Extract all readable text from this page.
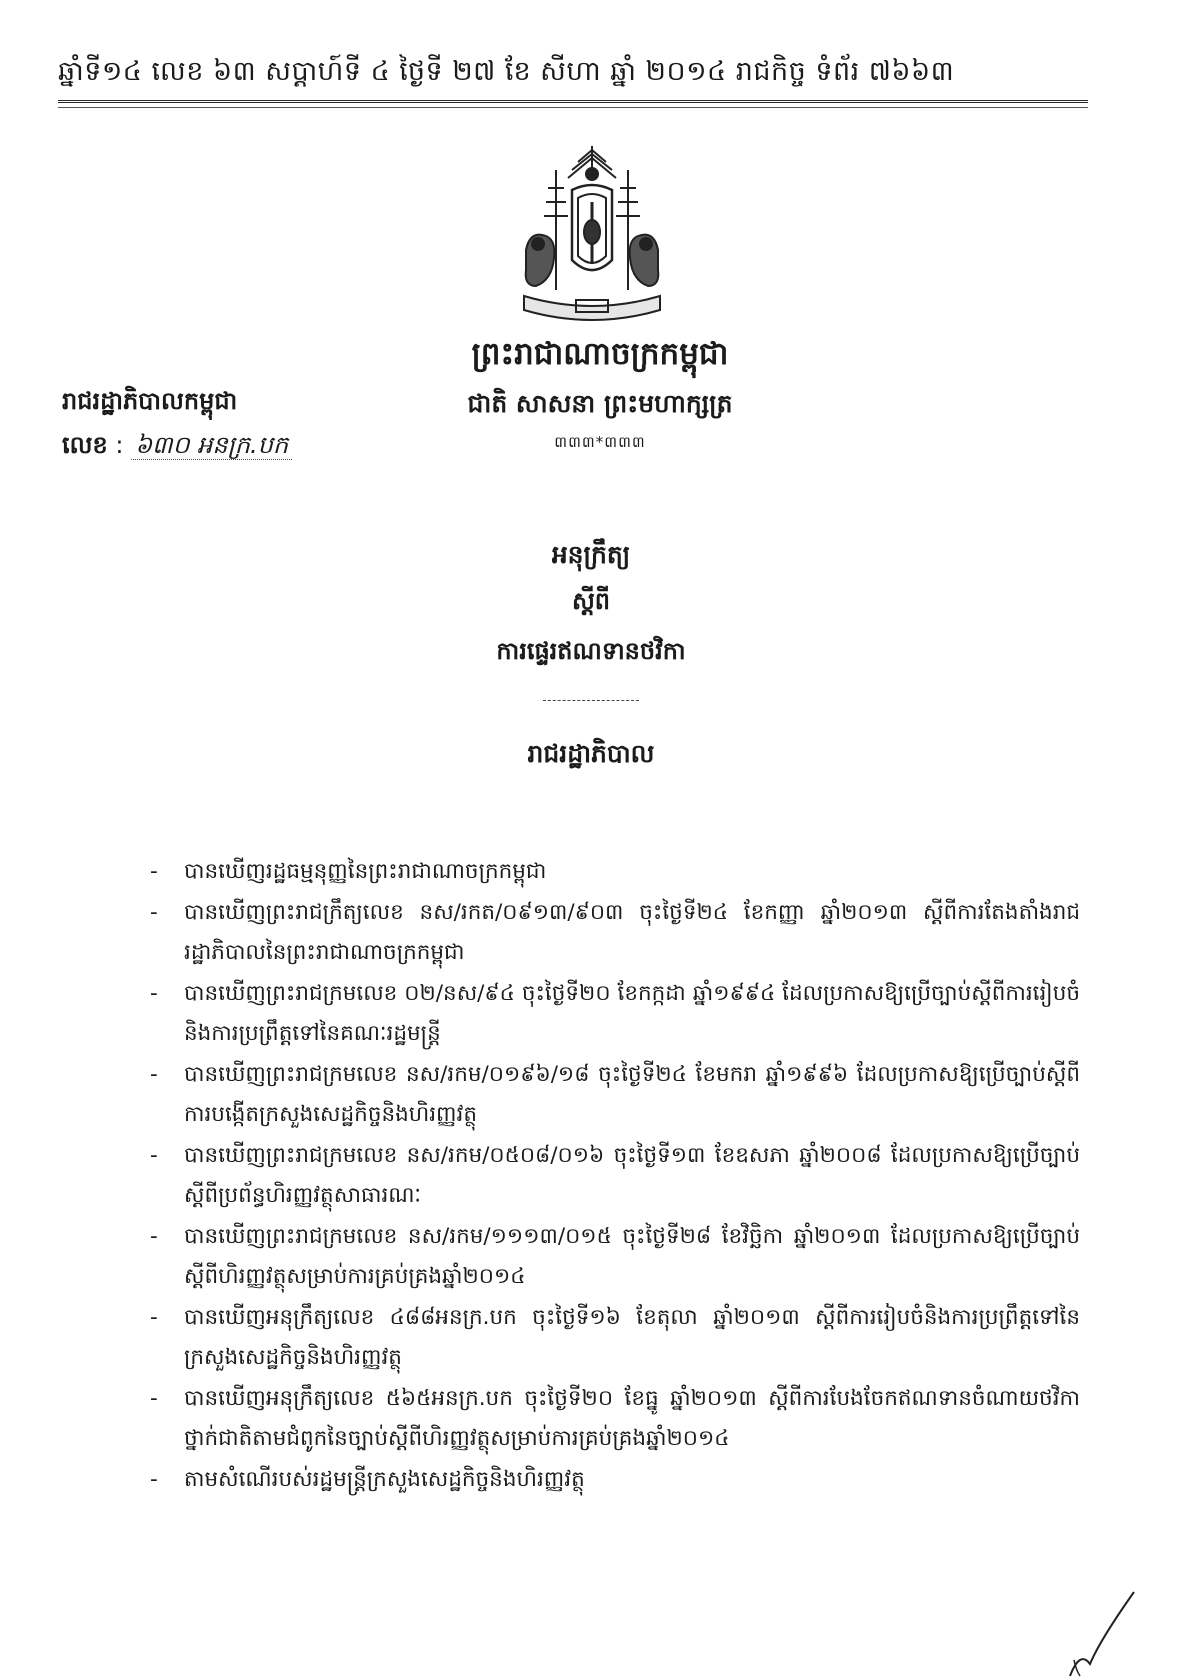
ឆ្នាំទី១៤ លេខ ៦៣ សប្តាហ៍ទី ៤ ថ្ងៃទី ២៧ ខែ សីហា ឆ្នាំ ២០១៤ រាជកិច្ច ទំព័រ ៧៦៦៣
ព្រះរាជាណាចក្រកម្ពុជា
ជាតិ សាសនា ព្រះមហាក្សត្រ
៣៣៣*៣៣៣
រាជរដ្ឋាភិបាលកម្ពុជា
លេខ : ៦៣០ អនក្រ.បក
អនុក្រឹត្យ
ស្តីពី
ការផ្ទេរឥណទានថវិកា
រាជរដ្ឋាភិបាល
- បានឃើញរដ្ឋធម្មនុញ្ញនៃព្រះរាជាណាចក្រកម្ពុជា
- បានឃើញព្រះរាជក្រឹត្យលេខ នស/រកត/០៩១៣/៩០៣ ចុះថ្ងៃទី២៤ ខែកញ្ញា ឆ្នាំ២០១៣ ស្តីពីការតែងតាំងរាជរដ្ឋាភិបាលនៃព្រះរាជាណាចក្រកម្ពុជា
- បានឃើញព្រះរាជក្រមលេខ ០២/នស/៩៤ ចុះថ្ងៃទី២០ ខែកក្កដា ឆ្នាំ១៩៩៤ ដែលប្រកាសឱ្យប្រើច្បាប់ស្តីពីការរៀបចំនិងការប្រព្រឹត្តទៅនៃគណៈរដ្ឋមន្ត្រី
- បានឃើញព្រះរាជក្រមលេខ នស/រកម/០១៩៦/១៨ ចុះថ្ងៃទី២៤ ខែមករា ឆ្នាំ១៩៩៦ ដែលប្រកាសឱ្យប្រើច្បាប់ស្តីពីការបង្កើតក្រសួងសេដ្ឋកិច្ចនិងហិរញ្ញវត្ថុ
- បានឃើញព្រះរាជក្រមលេខ នស/រកម/០៥០៨/០១៦ ចុះថ្ងៃទី១៣ ខែឧសភា ឆ្នាំ២០០៨ ដែលប្រកាសឱ្យប្រើច្បាប់ស្តីពីប្រព័ន្ធហិរញ្ញវត្ថុសាធារណៈ
- បានឃើញព្រះរាជក្រមលេខ នស/រកម/១១១៣/០១៥ ចុះថ្ងៃទី២៨ ខែវិច្ឆិកា ឆ្នាំ២០១៣ ដែលប្រកាសឱ្យប្រើច្បាប់ស្តីពីហិរញ្ញវត្ថុសម្រាប់ការគ្រប់គ្រងឆ្នាំ២០១៤
- បានឃើញអនុក្រឹត្យលេខ ៤៨៨អនក្រ.បក ចុះថ្ងៃទី១៦ ខែតុលា ឆ្នាំ២០១៣ ស្តីពីការរៀបចំនិងការប្រព្រឹត្តទៅនៃក្រសួងសេដ្ឋកិច្ចនិងហិរញ្ញវត្ថុ
- បានឃើញអនុក្រឹត្យលេខ ៥៦៥អនក្រ.បក ចុះថ្ងៃទី២០ ខែធ្នូ ឆ្នាំ២០១៣ ស្តីពីការបែងចែកឥណទានចំណាយថវិកាថ្នាក់ជាតិតាមជំពូកនៃច្បាប់ស្តីពីហិរញ្ញវត្ថុសម្រាប់ការគ្រប់គ្រងឆ្នាំ២០១៤
- តាមសំណើរបស់រដ្ឋមន្ត្រីក្រសួងសេដ្ឋកិច្ចនិងហិរញ្ញវត្ថុ
